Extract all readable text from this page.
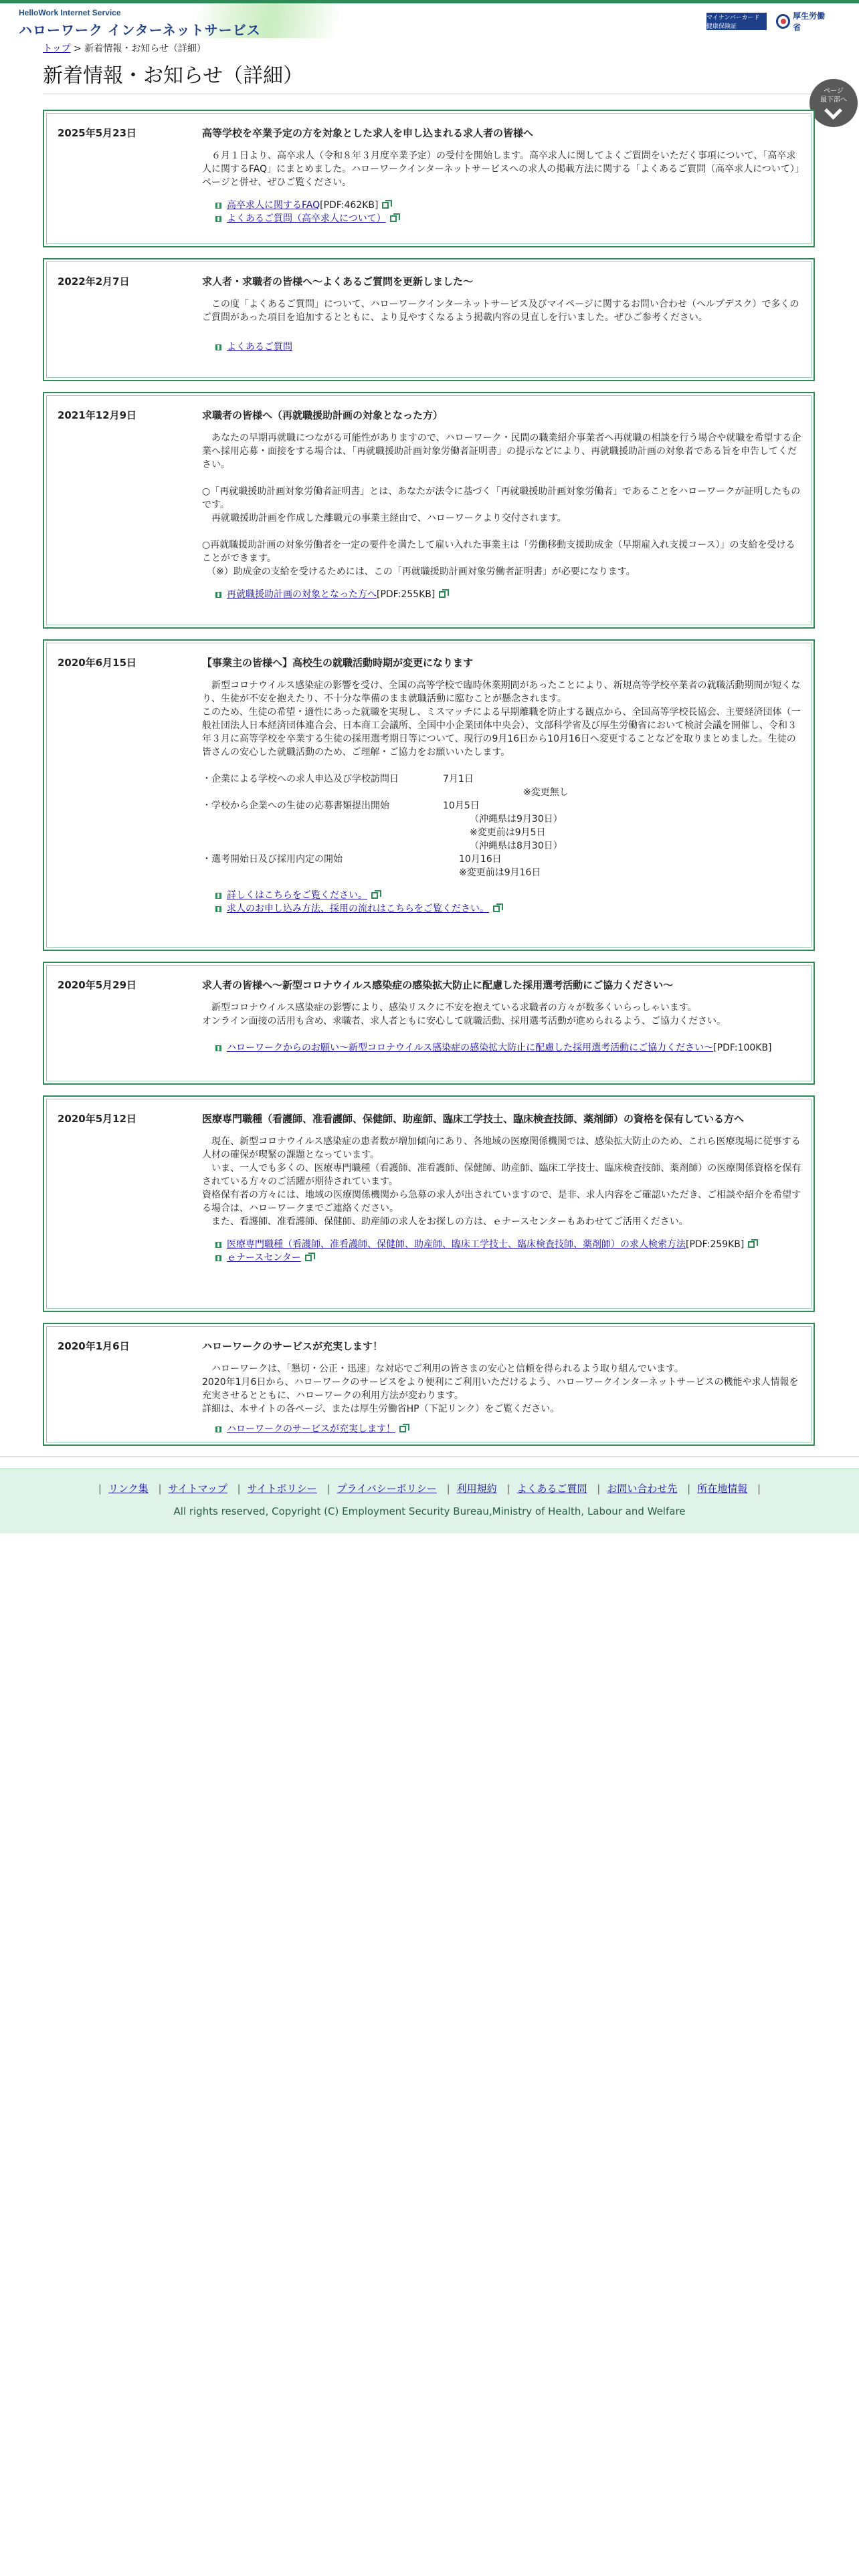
HelloWork Internet Service
ハローワーク インターネットサービス
マイナンバーカード 健康保険証
厚生労働省
トップ > 新着情報・お知らせ（詳細）
新着情報・お知らせ（詳細）
ページ
最下部へ
2025年5月23日	高等学校を卒業予定の方を対象とした求人を申し込まれる求人者の皆様へ

　６月１日より、高卒求人（令和８年３月度卒業予定）の受付を開始します。高卒求人に関してよくご質問をいただく事項について、「高卒求人に関するFAQ」にまとめました。ハローワークインターネットサービスへの求人の掲載方法に関する「よくあるご質問（高卒求人について）」ページと併せ、ぜひご覧ください。

高卒求人に関するFAQ[PDF:462KB]
よくあるご質問（高卒求人について）
2022年2月7日	求人者・求職者の皆様へ〜よくあるご質問を更新しました〜

　この度「よくあるご質問」について、ハローワークインターネットサービス及びマイページに関するお問い合わせ（ヘルプデスク）で多くのご質問があった項目を追加するとともに、より見やすくなるよう掲載内容の見直しを行いました。ぜひご参考ください。

よくあるご質問
2021年12月9日	求職者の皆様へ（再就職援助計画の対象となった方）

　あなたの早期再就職につながる可能性がありますので、ハローワーク・民間の職業紹介事業者へ再就職の相談を行う場合や就職を希望する企業へ採用応募・面接をする場合は、「再就職援助計画対象労働者証明書」の提示などにより、再就職援助計画の対象者である旨を申告してください。

○「再就職援助計画対象労働者証明書」とは、あなたが法令に基づく「再就職援助計画対象労働者」であることをハローワークが証明したものです。

　再就職援助計画を作成した離職元の事業主経由で、ハローワークより交付されます。

○再就職援助計画の対象労働者を一定の要件を満たして雇い入れた事業主は「労働移動支援助成金（早期雇入れ支援コース）」の支給を受けることができます。

　（※）助成金の支給を受けるためには、この「再就職援助計画対象労働者証明書」が必要になります。

再就職援助計画の対象となった方へ[PDF:255KB]
2020年6月15日	【事業主の皆様へ】高校生の就職活動時期が変更になります

　新型コロナウイルス感染症の影響を受け、全国の高等学校で臨時休業期間があったことにより、新規高等学校卒業者の就職活動期間が短くなり、生徒が不安を抱えたり、不十分な準備のまま就職活動に臨むことが懸念されます。

このため、生徒の希望・適性にあった就職を実現し、ミスマッチによる早期離職を防止する観点から、全国高等学校長協会、主要経済団体（一般社団法人日本経済団体連合会、日本商工会議所、全国中小企業団体中央会）、文部科学省及び厚生労働省において検討会議を開催し、令和３年３月に高等学校を卒業する生徒の採用選考期日等について、現行の9月16日から10月16日へ変更することなどを取りまとめました。生徒の皆さんの安心した就職活動のため、ご理解・ご協力をお願いいたします。

・企業による学校への求人申込及び学校訪問日	7月1日
※変更無し
・学校から企業への生徒の応募書類提出開始	10月5日
（沖縄県は9月30日）
※変更前は9月5日
（沖縄県は8月30日）
・選考開始日及び採用内定の開始	10月16日
※変更前は9月16日
詳しくはこちらをご覧ください。
求人のお申し込み方法、採用の流れはこちらをご覧ください。
2020年5月29日	求人者の皆様へ〜新型コロナウイルス感染症の感染拡大防止に配慮した採用選考活動にご協力ください〜

　新型コロナウイルス感染症の影響により、感染リスクに不安を抱えている求職者の方々が数多くいらっしゃいます。

オンライン面接の活用も含め、求職者、求人者ともに安心して就職活動、採用選考活動が進められるよう、ご協力ください。

ハローワークからのお願い〜新型コロナウイルス感染症の感染拡大防止に配慮した採用選考活動にご協力ください〜[PDF:100KB]
2020年5月12日	医療専門職種（看護師、准看護師、保健師、助産師、臨床工学技士、臨床検査技師、薬剤師）の資格を保有している方へ

　現在、新型コロナウイルス感染症の患者数が増加傾向にあり、各地域の医療関係機関では、感染拡大防止のため、これら医療現場に従事する人材の確保が喫緊の課題となっています。

　いま、一人でも多くの、医療専門職種（看護師、准看護師、保健師、助産師、臨床工学技士、臨床検査技師、薬剤師）の医療関係資格を保有されている方々のご活躍が期待されています。

資格保有者の方々には、地域の医療関係機関から急募の求人が出されていますので、是非、求人内容をご確認いただき、ご相談や紹介を希望する場合は、ハローワークまでご連絡ください。

　また、看護師、准看護師、保健師、助産師の求人をお探しの方は、ｅナースセンターもあわせてご活用ください。

医療専門職種（看護師、准看護師、保健師、助産師、臨床工学技士、臨床検査技師、薬剤師）の求人検索方法[PDF:259KB]
ｅナースセンター
2020年1月6日	ハローワークのサービスが充実します！

　ハローワークは、「懇切・公正・迅速」な対応でご利用の皆さまの安心と信頼を得られるよう取り組んでいます。

2020年1月6日から、ハローワークのサービスをより便利にご利用いただけるよう、ハローワークインターネットサービスの機能や求人情報を充実させるとともに、ハローワークの利用方法が変わります。

詳細は、本サイトの各ページ、または厚生労働省HP（下記リンク）をご覧ください。

ハローワークのサービスが充実します！
| リンク集 | サイトマップ | サイトポリシー | プライバシーポリシー | 利用規約 | よくあるご質問 | お問い合わせ先 | 所在地情報 |
All rights reserved, Copyright (C) Employment Security Bureau,Ministry of Health, Labour and Welfare
